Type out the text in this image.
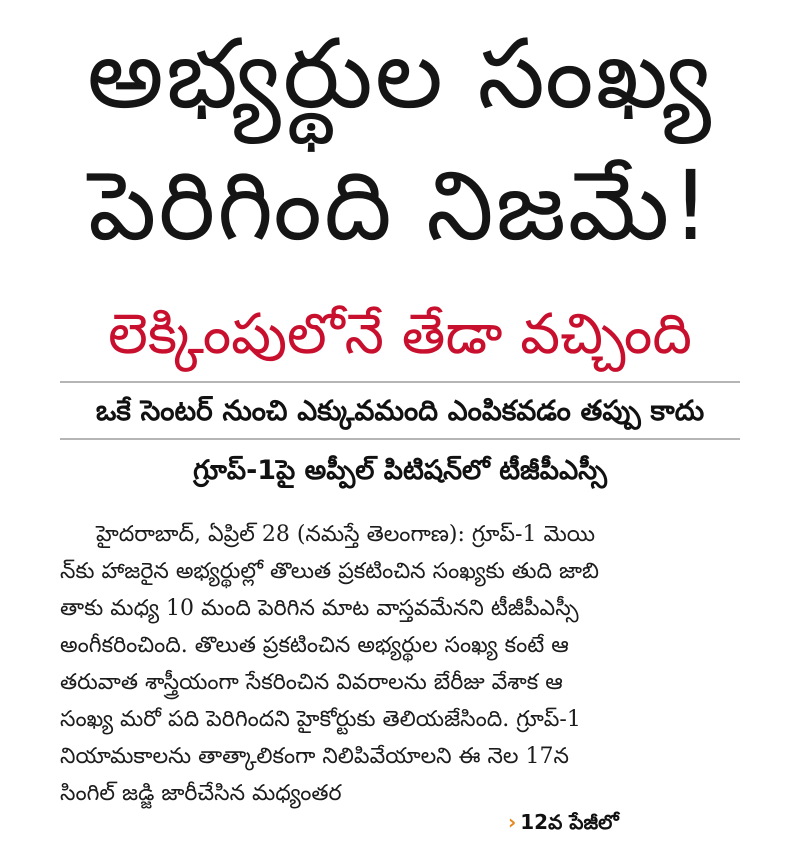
అభ్యర్థుల సంఖ్య
పెరిగింది నిజమే!
లెక్కింపులోనే తేడా వచ్చింది
ఒకే సెంటర్ నుంచి ఎక్కువమంది ఎంపికవడం తప్పు కాదు
గ్రూప్-1పై అప్పీల్ పిటిషన్‌లో టీజీపీఎస్సీ
హైదరాబాద్, ఏప్రిల్ 28 (నమస్తే తెలంగాణ): గ్రూప్-1 మెయి
న్‌కు హాజరైన అభ్యర్థుల్లో తొలుత ప్రకటించిన సంఖ్యకు తుది జాబి
తాకు మధ్య 10 మంది పెరిగిన మాట వాస్తవమేనని టీజీపీఎస్సీ
అంగీకరించింది. తొలుత ప్రకటించిన అభ్యర్థుల సంఖ్య కంటే ఆ
తరువాత శాస్త్రీయంగా సేకరించిన వివరాలను బేరీజు వేశాక ఆ
సంఖ్య మరో పది పెరిగిందని హైకోర్టుకు తెలియజేసింది. గ్రూప్-1
నియామకాలను తాత్కాలికంగా నిలిపివేయాలని ఈ నెల 17న
సింగిల్ జడ్జి జారీచేసిన మధ్యంతర
› 12వ పేజీలో
